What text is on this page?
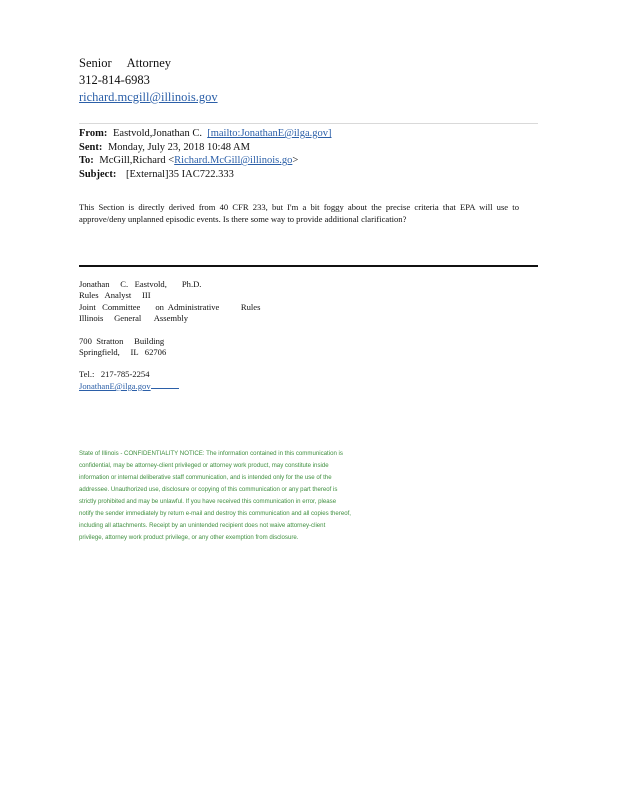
Senior     Attorney
312-814-6983
richard.mcgill@illinois.gov
From: Eastvold,Jonathan C.  [mailto:JonathanE@ilga.gov]
Sent: Monday, July 23, 2018 10:48 AM
To: McGill,Richard <Richard.McGill@illinois.go>
Subject: [External]35 IAC722.333
This Section is directly derived from 40 CFR 233, but I'm a bit foggy about the precise criteria that EPA will use to approve/deny unplanned episodic events. Is there some way to provide additional clarification?
Jonathan     C.   Eastvold,       Ph.D.
Rules   Analyst     III
Joint   Committee       on  Administrative          Rules
Illinois     General      Assembly
700  Stratton     Building
Springfield,     IL   62706
Tel.:   217-785-2254
JonathanE@ilga.gov
State of Illinois - CONFIDENTIALITY NOTICE: The information contained in this communication is confidential, may be attorney-client privileged or attorney work product, may constitute inside information or internal deliberative staff communication, and is intended only for the use of the addressee. Unauthorized use, disclosure or copying of this communication or any part thereof is strictly prohibited and may be unlawful. If you have received this communication in error, please notify the sender immediately by return e-mail and destroy this communication and all copies thereof, including all attachments. Receipt by an unintended recipient does not waive attorney-client privilege, attorney work product privilege, or any other exemption from disclosure.
